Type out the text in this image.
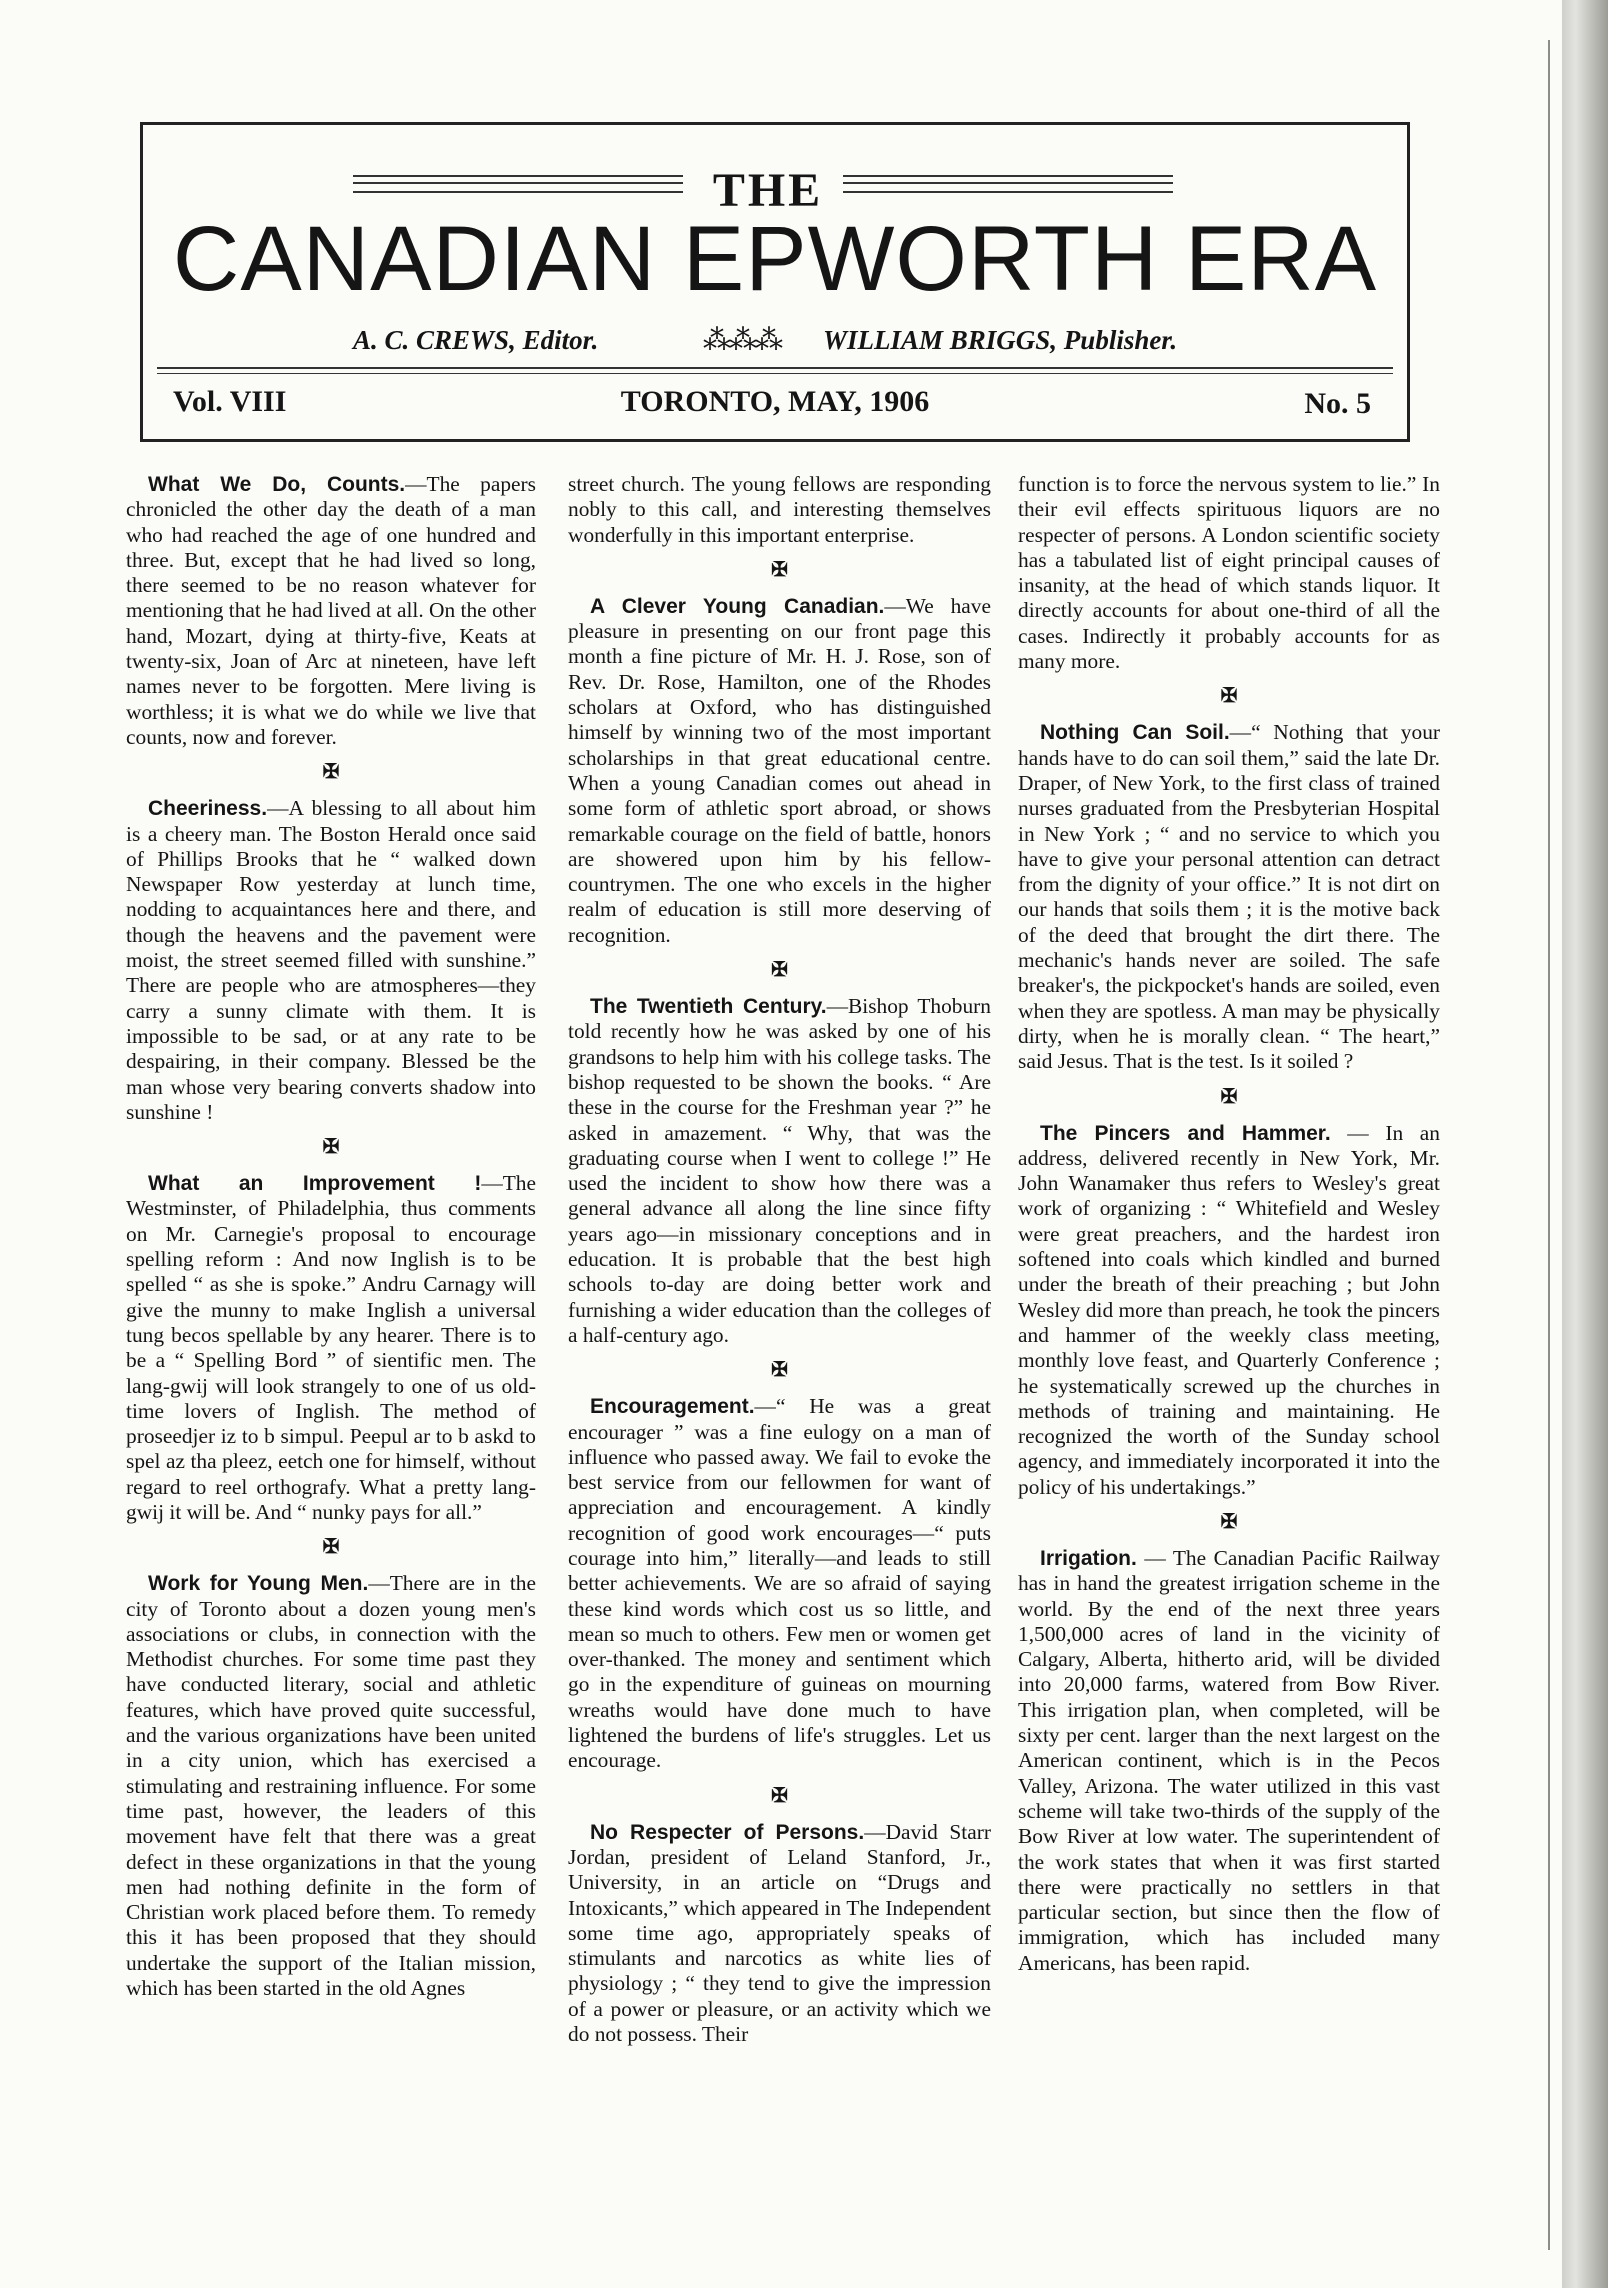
THE
CANADIAN EPWORTH ERA
A. C. CREWS, Editor.	⁂⁂⁂ WILLIAM BRIGGS, Publisher.
Vol. VIII	TORONTO, MAY, 1906	No. 5

What We Do, Counts.—The papers chronicled the other day the death of a man who had reached the age of one hundred and three. But, except that he had lived so long, there seemed to be no reason whatever for mentioning that he had lived at all. On the other hand, Mozart, dying at thirty-five, Keats at twenty-six, Joan of Arc at nineteen, have left names never to be forgotten. Mere living is worthless; it is what we do while we live that counts, now and forever.

✠

Cheeriness.—A blessing to all about him is a cheery man. The Boston Herald once said of Phillips Brooks that he “ walked down Newspaper Row yesterday at lunch time, nodding to acquaintances here and there, and though the heavens and the pavement were moist, the street seemed filled with sunshine.” There are people who are atmospheres—they carry a sunny climate with them. It is impossible to be sad, or at any rate to be despairing, in their company. Blessed be the man whose very bearing converts shadow into sunshine !

✠

What an Improvement !—The Westminster, of Philadelphia, thus comments on Mr. Carnegie's proposal to encourage spelling reform : And now Inglish is to be spelled “ as she is spoke.” Andru Carnagy will give the munny to make Inglish a universal tung becos spellable by any hearer. There is to be a “ Spelling Bord ” of sientific men. The lang-gwij will look strangely to one of us old-time lovers of Inglish. The method of proseedjer iz to b simpul. Peepul ar to b askd to spel az tha pleez, eetch one for himself, without regard to reel orthografy. What a pretty lang-gwij it will be. And “ nunky pays for all.”

✠

Work for Young Men.—There are in the city of Toronto about a dozen young men's associations or clubs, in connection with the Methodist churches. For some time past they have conducted literary, social and athletic features, which have proved quite successful, and the various organizations have been united in a city union, which has exercised a stimulating and restraining influence. For some time past, however, the leaders of this movement have felt that there was a great defect in these organizations in that the young men had nothing definite in the form of Christian work placed before them. To remedy this it has been proposed that they should undertake the support of the Italian mission, which has been started in the old Agnes

street church. The young fellows are responding nobly to this call, and interesting themselves wonderfully in this important enterprise.

✠

A Clever Young Canadian.—We have pleasure in presenting on our front page this month a fine picture of Mr. H. J. Rose, son of Rev. Dr. Rose, Hamilton, one of the Rhodes scholars at Oxford, who has distinguished himself by winning two of the most important scholarships in that great educational centre. When a young Canadian comes out ahead in some form of athletic sport abroad, or shows remarkable courage on the field of battle, honors are showered upon him by his fellow-countrymen. The one who excels in the higher realm of education is still more deserving of recognition.

✠

The Twentieth Century.—Bishop Thoburn told recently how he was asked by one of his grandsons to help him with his college tasks. The bishop requested to be shown the books. “ Are these in the course for the Freshman year ?” he asked in amazement. “ Why, that was the graduating course when I went to college !” He used the incident to show how there was a general advance all along the line since fifty years ago—in missionary conceptions and in education. It is probable that the best high schools to-day are doing better work and furnishing a wider education than the colleges of a half-century ago.

✠

Encouragement.—“ He was a great encourager ” was a fine eulogy on a man of influence who passed away. We fail to evoke the best service from our fellowmen for want of appreciation and encouragement. A kindly recognition of good work encourages—“ puts courage into him,” literally—and leads to still better achievements. We are so afraid of saying these kind words which cost us so little, and mean so much to others. Few men or women get over-thanked. The money and sentiment which go in the expenditure of guineas on mourning wreaths would have done much to have lightened the burdens of life's struggles. Let us encourage.

✠

No Respecter of Persons.—David Starr Jordan, president of Leland Stanford, Jr., University, in an article on “Drugs and Intoxicants,” which appeared in The Independent some time ago, appropriately speaks of stimulants and narcotics as white lies of physiology ; “ they tend to give the impression of a power or pleasure, or an activity which we do not possess. Their

function is to force the nervous system to lie.” In their evil effects spirituous liquors are no respecter of persons. A London scientific society has a tabulated list of eight principal causes of insanity, at the head of which stands liquor. It directly accounts for about one-third of all the cases. Indirectly it probably accounts for as many more.

✠

Nothing Can Soil.—“ Nothing that your hands have to do can soil them,” said the late Dr. Draper, of New York, to the first class of trained nurses graduated from the Presbyterian Hospital in New York ; “ and no service to which you have to give your personal attention can detract from the dignity of your office.” It is not dirt on our hands that soils them ; it is the motive back of the deed that brought the dirt there. The mechanic's hands never are soiled. The safe breaker's, the pickpocket's hands are soiled, even when they are spotless. A man may be physically dirty, when he is morally clean. “ The heart,” said Jesus. That is the test. Is it soiled ?

✠

The Pincers and Hammer. — In an address, delivered recently in New York, Mr. John Wanamaker thus refers to Wesley's great work of organizing : “ Whitefield and Wesley were great preachers, and the hardest iron softened into coals which kindled and burned under the breath of their preaching ; but John Wesley did more than preach, he took the pincers and hammer of the weekly class meeting, monthly love feast, and Quarterly Conference ; he systematically screwed up the churches in methods of training and maintaining. He recognized the worth of the Sunday school agency, and immediately incorporated it into the policy of his undertakings.”

✠

Irrigation. — The Canadian Pacific Railway has in hand the greatest irrigation scheme in the world. By the end of the next three years 1,500,000 acres of land in the vicinity of Calgary, Alberta, hitherto arid, will be divided into 20,000 farms, watered from Bow River. This irrigation plan, when completed, will be sixty per cent. larger than the next largest on the American continent, which is in the Pecos Valley, Arizona. The water utilized in this vast scheme will take two-thirds of the supply of the Bow River at low water. The superintendent of the work states that when it was first started there were practically no settlers in that particular section, but since then the flow of immigration, which has included many Americans, has been rapid.
